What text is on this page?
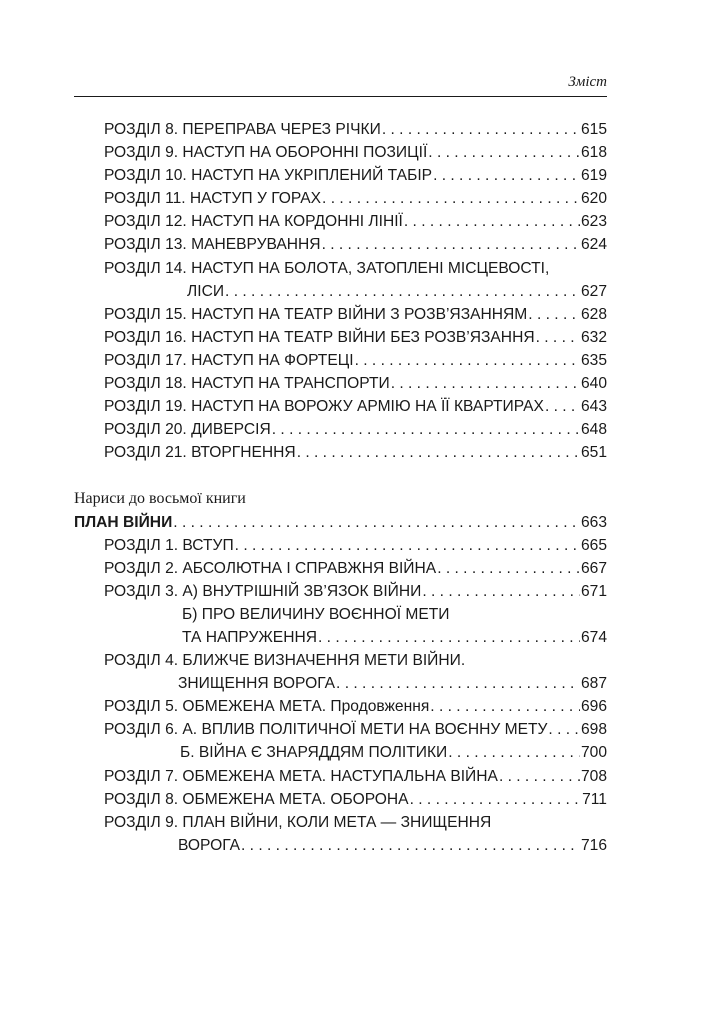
Зміст
РОЗДІЛ 8. ПЕРЕПРАВА ЧЕРЕЗ РІЧКИ . . .	615
РОЗДІЛ 9. НАСТУП НА ОБОРОННІ ПОЗИЦІЇ . . .	618
РОЗДІЛ 10. НАСТУП НА УКРІПЛЕНИЙ ТАБІР . . .	619
РОЗДІЛ 11. НАСТУП У ГОРАХ . . .	620
РОЗДІЛ 12. НАСТУП НА КОРДОННІ ЛІНІЇ . . .	623
РОЗДІЛ 13. МАНЕВРУВАННЯ . . .	624
РОЗДІЛ 14. НАСТУП НА БОЛОТА, ЗАТОПЛЕНІ МІСЦЕВОСТІ,
ЛІСИ . . .	627
РОЗДІЛ 15. НАСТУП НА ТЕАТР ВІЙНИ З РОЗВ’ЯЗАННЯМ . . .	628
РОЗДІЛ 16. НАСТУП НА ТЕАТР ВІЙНИ БЕЗ РОЗВ’ЯЗАННЯ . . .	632
РОЗДІЛ 17. НАСТУП НА ФОРТЕЦІ . . .	635
РОЗДІЛ 18. НАСТУП НА ТРАНСПОРТИ . . .	640
РОЗДІЛ 19. НАСТУП НА ВОРОЖУ АРМІЮ НА ЇЇ КВАРТИРАХ . . . 643
РОЗДІЛ 20. ДИВЕРСІЯ . . .	648
РОЗДІЛ 21. ВТОРГНЕННЯ . . .	651
Нариси до восьмої книги
ПЛАН ВІЙНИ . . .	663
РОЗДІЛ 1. ВСТУП . . .	665
РОЗДІЛ 2. АБСОЛЮТНА І СПРАВЖНЯ ВІЙНА . . .	667
РОЗДІЛ 3. А) ВНУТРІШНІЙ ЗВ’ЯЗОК ВІЙНИ . . .	671
Б) ПРО ВЕЛИЧИНУ ВОЄННОЇ МЕТИ
ТА НАПРУЖЕННЯ . . .	674
РОЗДІЛ 4. БЛИЖЧЕ ВИЗНАЧЕННЯ МЕТИ ВІЙНИ.
ЗНИЩЕННЯ ВОРОГА . . .	687
РОЗДІЛ 5. ОБМЕЖЕНА МЕТА. Продовження . . .	696
РОЗДІЛ 6. А. ВПЛИВ ПОЛІТИЧНОЇ МЕТИ НА ВОЄННУ МЕТУ . . . 698
Б. ВІЙНА Є ЗНАРЯДДЯМ ПОЛІТИКИ . . .	700
РОЗДІЛ 7. ОБМЕЖЕНА МЕТА. НАСТУПАЛЬНА ВІЙНА . . .	708
РОЗДІЛ 8. ОБМЕЖЕНА МЕТА. ОБОРОНА . . .	711
РОЗДІЛ 9. ПЛАН ВІЙНИ, КОЛИ МЕТА — ЗНИЩЕННЯ
ВОРОГА . . .	716
